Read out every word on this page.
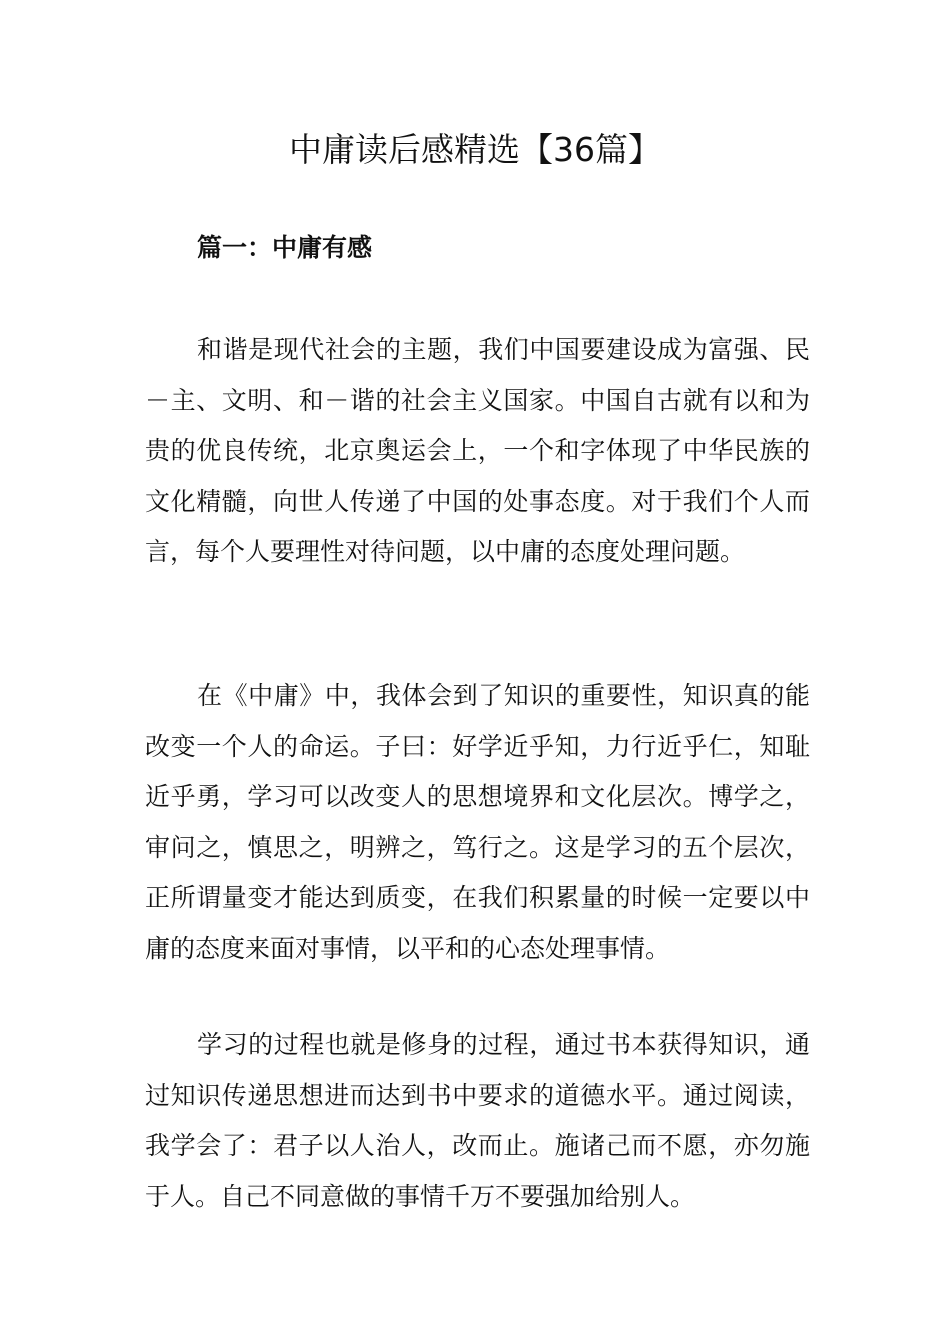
中庸读后感精选【36篇】
篇一：中庸有感

和谐是现代社会的主题，我们中国要建设成为富强、民－主、文明、和－谐的社会主义国家。中国自古就有以和为贵的优良传统，北京奥运会上，一个和字体现了中华民族的文化精髓，向世人传递了中国的处事态度。对于我们个人而言，每个人要理性对待问题，以中庸的态度处理问题。

在《中庸》中，我体会到了知识的重要性，知识真的能改变一个人的命运。子曰：好学近乎知，力行近乎仁，知耻近乎勇，学习可以改变人的思想境界和文化层次。博学之，审问之，慎思之，明辨之，笃行之。这是学习的五个层次，正所谓量变才能达到质变，在我们积累量的时候一定要以中庸的态度来面对事情，以平和的心态处理事情。

学习的过程也就是修身的过程，通过书本获得知识，通过知识传递思想进而达到书中要求的道德水平。通过阅读，我学会了：君子以人治人，改而止。施诸己而不愿，亦勿施于人。自己不同意做的事情千万不要强加给别人。
